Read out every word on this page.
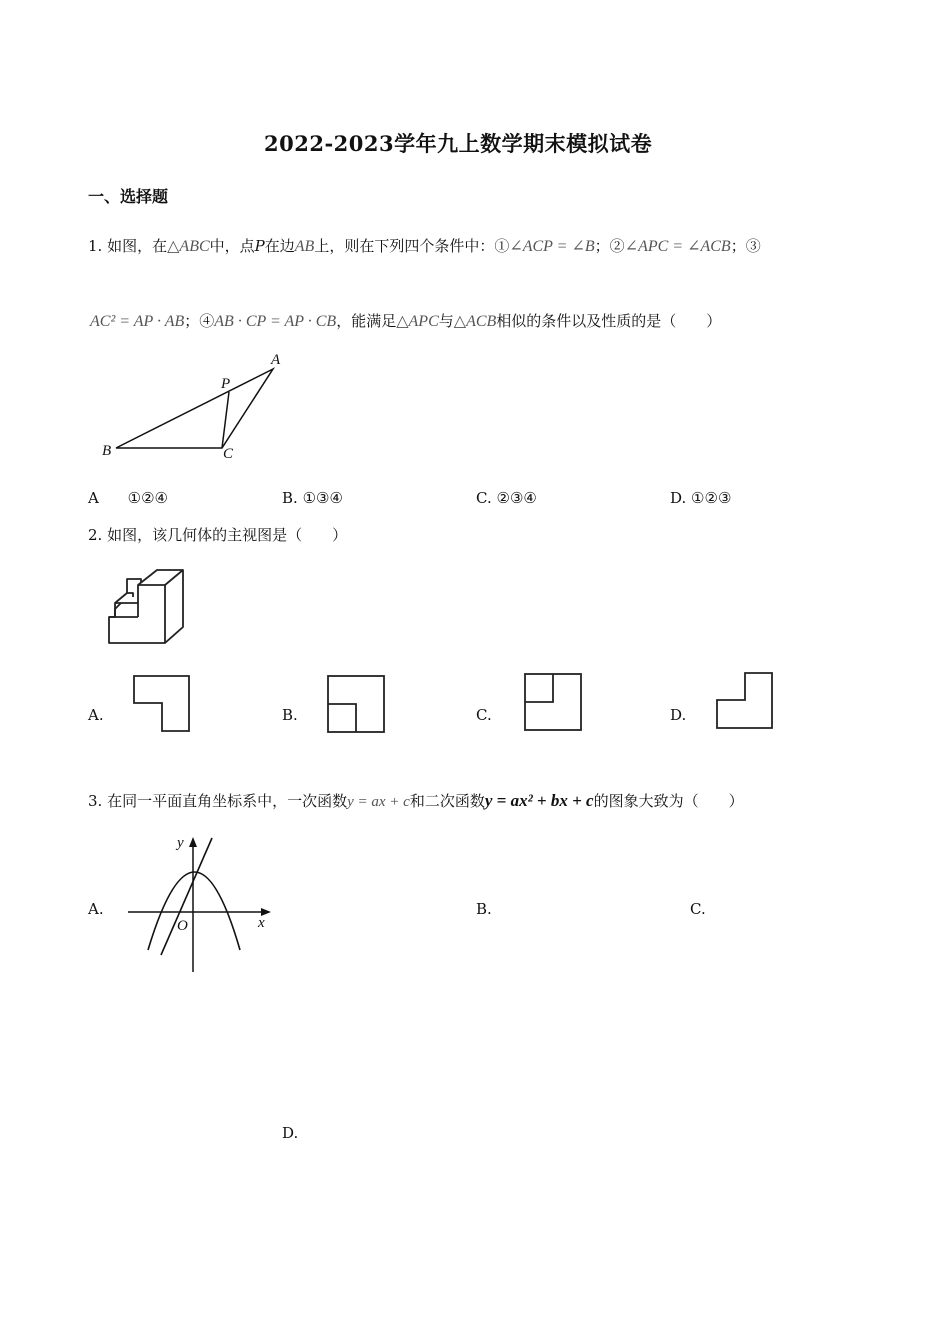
2022-2023学年九上数学期末模拟试卷
一、选择题
1. 如图，在△ABC中，点P在边AB上，则在下列四个条件中：①∠ACP = ∠B；②∠APC = ∠ACB；③
AC² = AP · AB；④AB · CP = AP · CB，能满足△APC与△ACB相似的条件以及性质的是（　　）
A
P
B	C
A ①②④	B. ①③④	C. ②③④	D. ①②③
2. 如图，该几何体的主视图是（　　）
A.	B.	C.	D.
3. 在同一平面直角坐标系中，一次函数y = ax + c和二次函数y = ax² + bx + c的图象大致为（　　）
A.
y
x
O
B.	C.
D.
